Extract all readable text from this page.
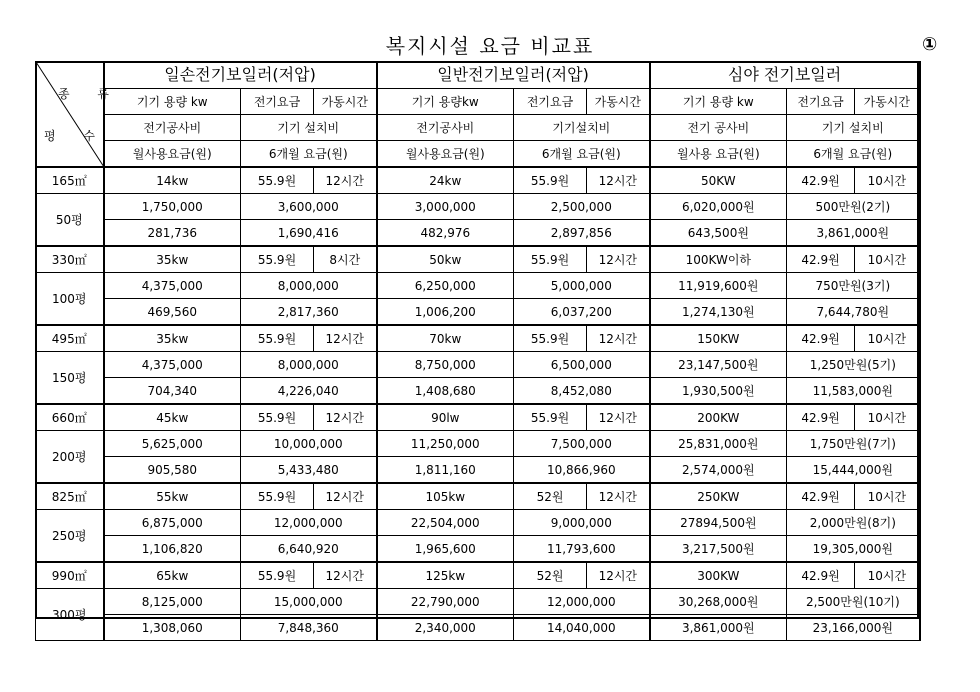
복지시설 요금 비교표	①
종 류
평 수	일손전기보일러(저압)			일반전기보일러(저압)			심야 전기보일러		
	기기 용량 kw	전기요금	가동시간	기기 용량kw	전기요금	가동시간	기기 용량 kw	전기요금	가동시간
	전기공사비	기기 설치비		전기공사비	기기설치비		전기 공사비	기기 설치비	
	월사용요금(원)	6개월 요금(원)		월사용요금(원)	6개월 요금(원)		월사용 요금(원)	6개월 요금(원)	
165㎡	14kw	55.9원	12시간	24kw	55.9원	12시간	50KW	42.9원	10시간
50평	1,750,000	3,600,000		3,000,000	2,500,000		6,020,000원	500만원(2기)	
	281,736	1,690,416		482,976	2,897,856		643,500원	3,861,000원	
330㎡	35kw	55.9원	8시간	50kw	55.9원	12시간	100KW이하	42.9원	10시간
100평	4,375,000	8,000,000		6,250,000	5,000,000		11,919,600원	750만원(3기)	
	469,560	2,817,360		1,006,200	6,037,200		1,274,130원	7,644,780원	
495㎡	35kw	55.9원	12시간	70kw	55.9원	12시간	150KW	42.9원	10시간
150평	4,375,000	8,000,000		8,750,000	6,500,000		23,147,500원	1,250만원(5기)	
	704,340	4,226,040		1,408,680	8,452,080		1,930,500원	11,583,000원	
660㎡	45kw	55.9원	12시간	90lw	55.9원	12시간	200KW	42.9원	10시간
200평	5,625,000	10,000,000		11,250,000	7,500,000		25,831,000원	1,750만원(7기)	
	905,580	5,433,480		1,811,160	10,866,960		2,574,000원	15,444,000원	
825㎡	55kw	55.9원	12시간	105kw	52원	12시간	250KW	42.9원	10시간
250평	6,875,000	12,000,000		22,504,000	9,000,000		27894,500원	2,000만원(8기)	
	1,106,820	6,640,920		1,965,600	11,793,600		3,217,500원	19,305,000원	
990㎡	65kw	55.9원	12시간	125kw	52원	12시간	300KW	42.9원	10시간
300평	8,125,000	15,000,000		22,790,000	12,000,000		30,268,000원	2,500만원(10기)	
	1,308,060	7,848,360		2,340,000	14,040,000		3,861,000원	23,166,000원	
